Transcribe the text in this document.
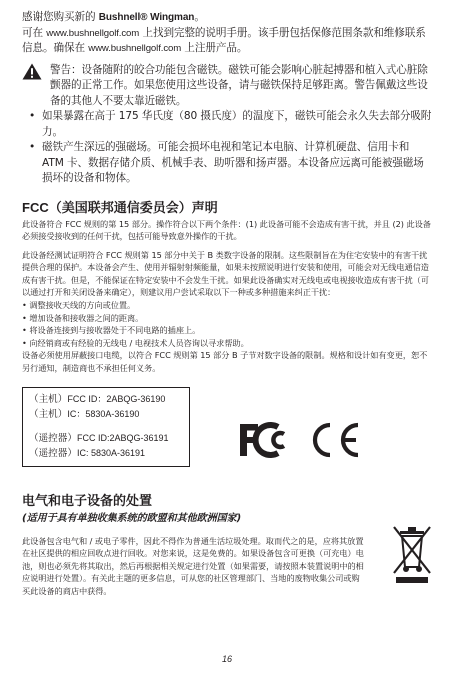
感谢您购买新的 Bushnell® Wingman。
可在 www.bushnellgolf.com 上找到完整的说明手册。该手册包括保修范围条款和维修联系信息。确保在 www.bushnellgolf.com 上注册产品。
警告：设备随附的皎合功能包含磁铁。磁铁可能会影响心脏起搏器和植入式心脏除颤器的正常工作。如果您使用这些设备，请与磁铁保持足够距离。警告佩戴这些设备的其他人不要太靠近磁铁。
• 如果暴露在高于 175 华氏度（80 摄氏度）的温度下，磁铁可能会永久失去部分吸附力。
• 磁铁产生深远的强磁场。可能会损坏电视和笔记本电脑、计算机硬盘、信用卡和 ATM 卡、数据存储介质、机械手表、助听器和扬声器。本设备应远离可能被强磁场损坏的设备和物体。
FCC（美国联邦通信委员会）声明
此设备符合 FCC 规则的第 15 部分。操作符合以下两个条件：(1) 此设备可能不会造成有害干扰，并且 (2) 此设备必须接受接收到的任何干扰，包括可能导致意外操作的干扰。
此设备经测试证明符合 FCC 规则第 15 部分中关于 B 类数字设备的限制。这些限制旨在为住宅安装中的有害干扰提供合理的保护。本设备会产生、使用并辐射射频能量，如果未按照说明进行安装和使用，可能会对无线电通信造成有害干扰。但是，不能保证在特定安装中不会发生干扰。如果此设备确实对无线电或电视接收造成有害干扰（可以通过打开和关闭设备来确定），则建议用户尝试采取以下一种或多种措施来纠正干扰：
• 调整接收天线的方向或位置。
• 增加设备和接收器之间的距离。
• 将设备连接到与接收器处于不同电路的插座上。
• 向经销商或有经验的无线电 / 电视技术人员咨询以寻求帮助。
设备必须使用屏蔽接口电缆，以符合 FCC 规则第 15 部分 B 子节对数字设备的限制。规格和设计如有变更，恕不另行通知，制造商也不承担任何义务。
（主机）FCC ID：2ABQG-36190
（主机）IC：5830A-36190
（遥控器）FCC ID:2ABQG-36191
（遥控器）IC: 5830A-36191
电气和电子设备的处置
(适用于具有单独收集系统的欧盟和其他欧洲国家)
此设备包含电气和 / 或电子零件，因此不得作为普通生活垃圾处理。取而代之的是，应将其放置在社区提供的相应回收点进行回收。对您来说，这是免费的。如果设备包含可更换（可充电）电池，则也必须先将其取出，然后再根据相关规定进行处置（如果需要，请按照本装置说明中的相应说明进行处置）。有关此主题的更多信息，可从您的社区管理部门、当地的废物收集公司或购买此设备的商店中获得。
16
